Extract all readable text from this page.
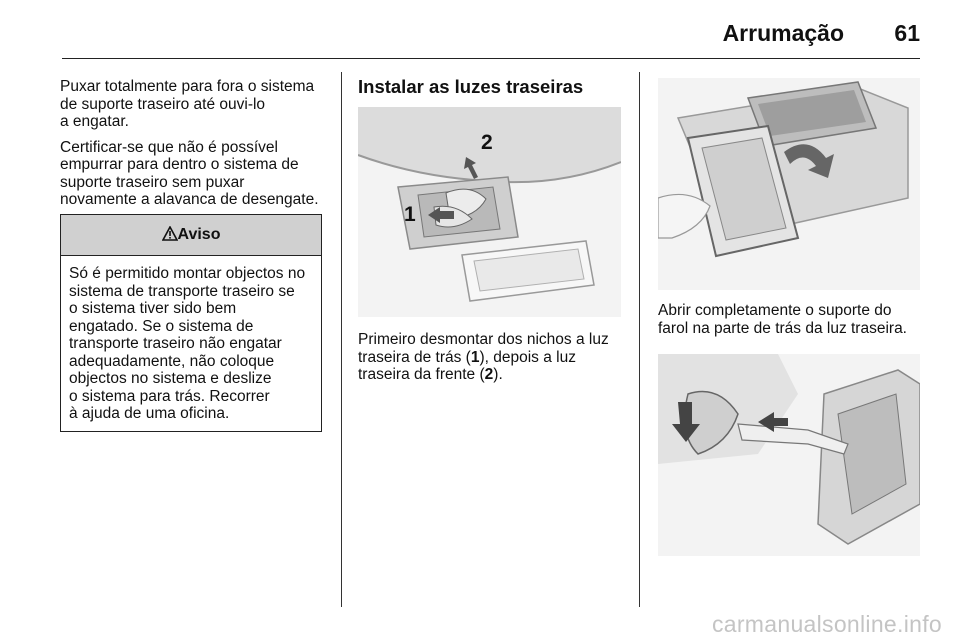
Arrumação 61

Puxar totalmente para fora o sistema
de suporte traseiro até ouvi-lo
a engatar.

Certificar-se que não é possível
empurrar para dentro o sistema de
suporte traseiro sem puxar
novamente a alavanca de desengate.

Aviso
Só é permitido montar objectos no
sistema de transporte traseiro se
o sistema tiver sido bem
engatado. Se o sistema de
transporte traseiro não engatar
adequadamente, não coloque
objectos no sistema e deslize
o sistema para trás. Recorrer
à ajuda de uma oficina.
Instalar as luzes traseiras
1
2
Primeiro desmontar dos nichos a luz
traseira de trás (1), depois a luz
traseira da frente (2).
Abrir completamente o suporte do
farol na parte de trás da luz traseira.
carmanualsonline.info
